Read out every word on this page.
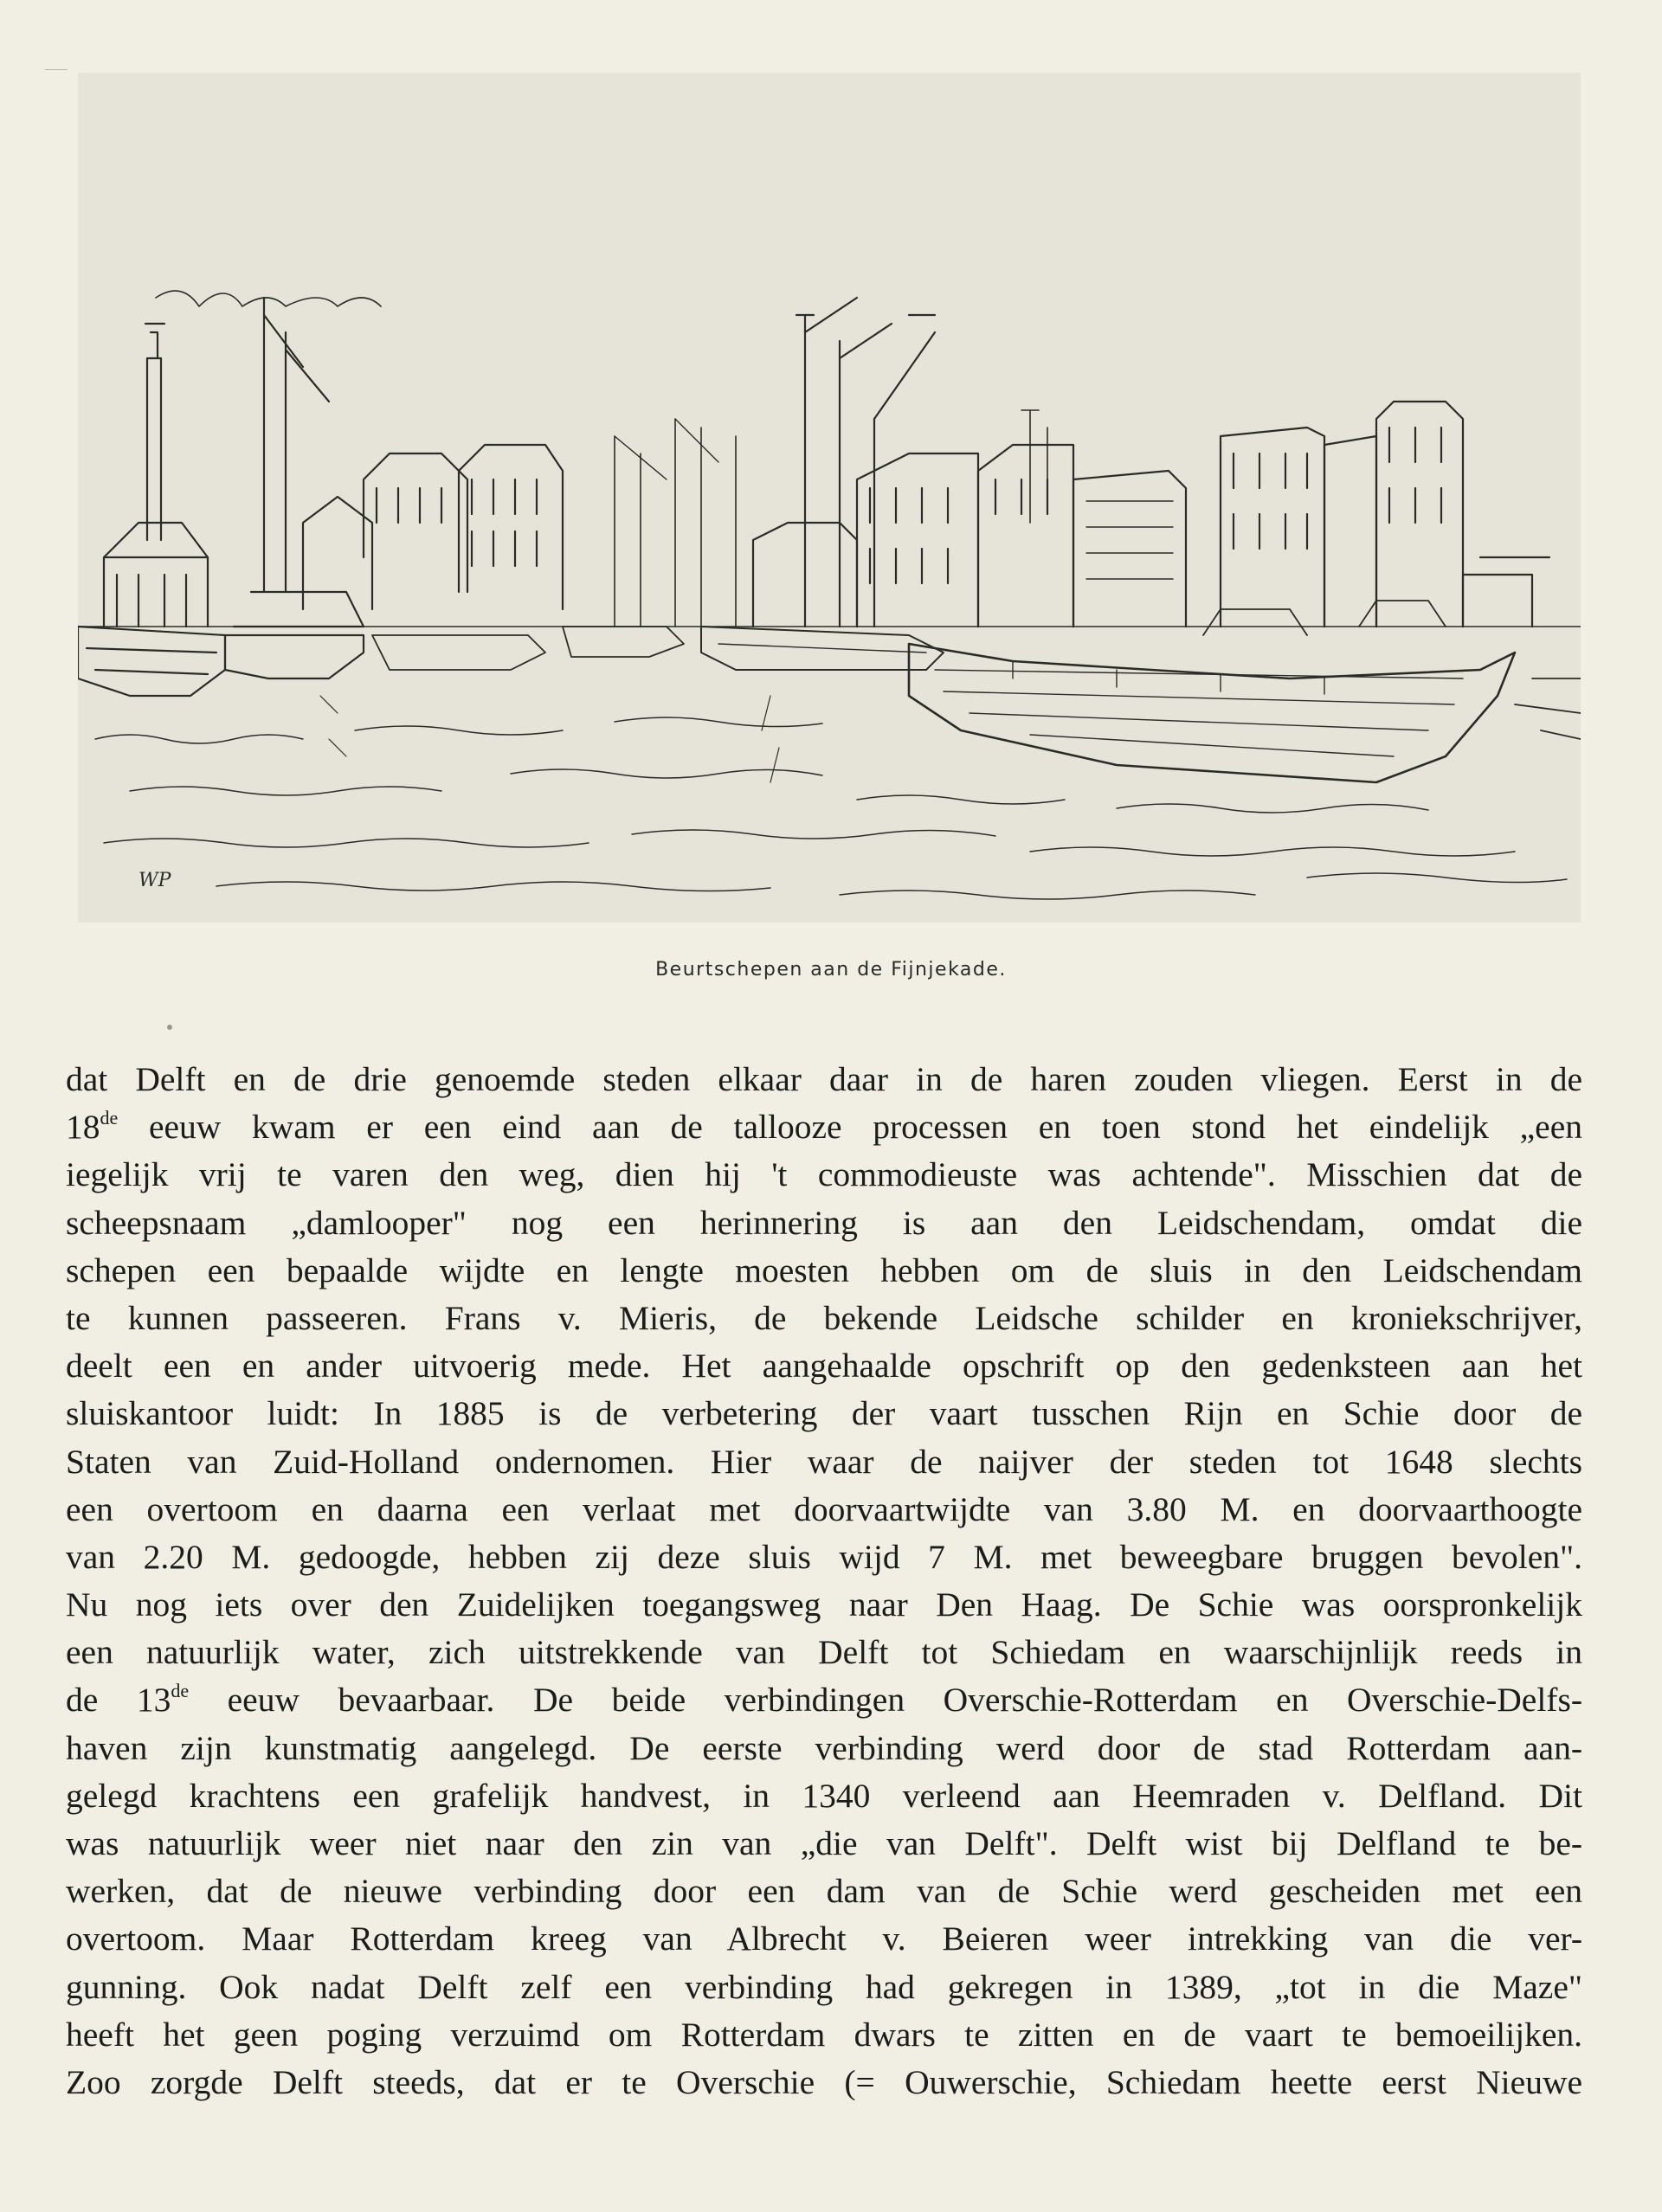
WP
Beurtschepen aan de Fijnjekade.
dat Delft en de drie genoemde steden elkaar daar in de haren zouden vliegen. Eerst in de
18de eeuw kwam er een eind aan de tallooze processen en toen stond het eindelijk „een
iegelijk vrij te varen den weg, dien hij 't commodieuste was achtende". Misschien dat de
scheepsnaam „damlooper" nog een herinnering is aan den Leidschendam, omdat die
schepen een bepaalde wijdte en lengte moesten hebben om de sluis in den Leidschendam
te kunnen passeeren. Frans v. Mieris, de bekende Leidsche schilder en kroniekschrijver,
deelt een en ander uitvoerig mede. Het aangehaalde opschrift op den gedenksteen aan het
sluiskantoor luidt: In 1885 is de verbetering der vaart tusschen Rijn en Schie door de
Staten van Zuid-Holland ondernomen. Hier waar de naijver der steden tot 1648 slechts
een overtoom en daarna een verlaat met doorvaartwijdte van 3.80 M. en doorvaarthoogte
van 2.20 M. gedoogde, hebben zij deze sluis wijd 7 M. met beweegbare bruggen bevolen".
Nu nog iets over den Zuidelijken toegangsweg naar Den Haag. De Schie was oorspronkelijk
een natuurlijk water, zich uitstrekkende van Delft tot Schiedam en waarschijnlijk reeds in
de 13de eeuw bevaarbaar. De beide verbindingen Overschie-Rotterdam en Overschie-Delfs-
haven zijn kunstmatig aangelegd. De eerste verbinding werd door de stad Rotterdam aan-
gelegd krachtens een grafelijk handvest, in 1340 verleend aan Heemraden v. Delfland. Dit
was natuurlijk weer niet naar den zin van „die van Delft". Delft wist bij Delfland te be-
werken, dat de nieuwe verbinding door een dam van de Schie werd gescheiden met een
overtoom. Maar Rotterdam kreeg van Albrecht v. Beieren weer intrekking van die ver-
gunning. Ook nadat Delft zelf een verbinding had gekregen in 1389, „tot in die Maze"
heeft het geen poging verzuimd om Rotterdam dwars te zitten en de vaart te bemoeilijken.
Zoo zorgde Delft steeds, dat er te Overschie (= Ouwerschie, Schiedam heette eerst Nieuwe
